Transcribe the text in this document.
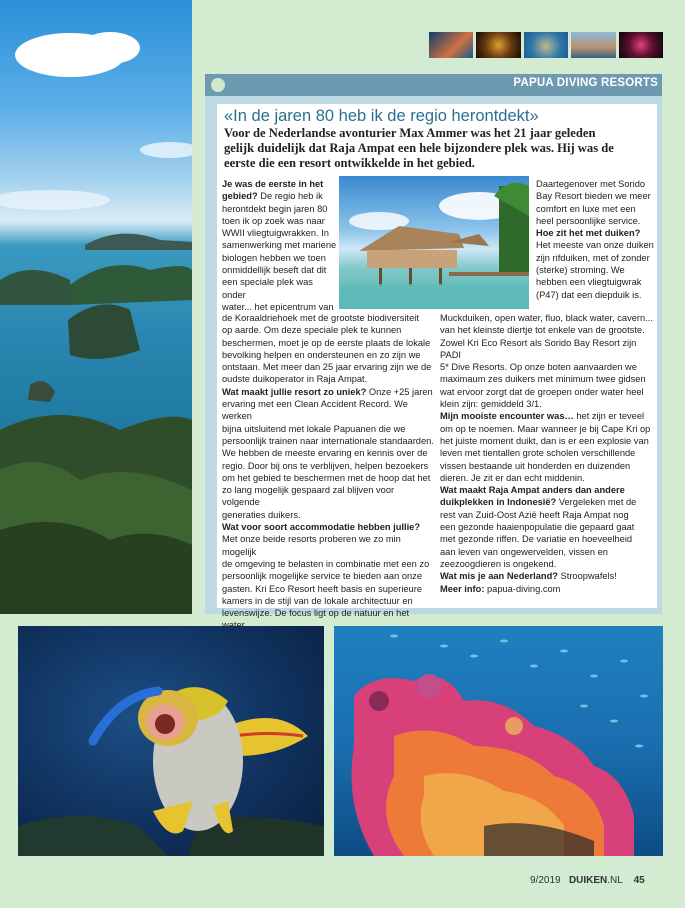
PAPUA DIVING RESORTS
«In de jaren 80 heb ik de regio herontdekt»
Voor de Nederlandse avonturier Max Ammer was het 21 jaar geleden
gelijk duidelijk dat Raja Ampat een hele bijzondere plek was. Hij was de
eerste die een resort ontwikkelde in het gebied.
Je was de eerste in het
gebied? De regio heb ik
herontdekt begin jaren 80
toen ik op zoek was naar
WWII vliegtuigwrakken. In
samenwerking met mariene
biologen hebben we toen
onmiddellijk beseft dat dit
een speciale plek was onder
water... het epicentrum van
de Koraaldriehoek met de grootste biodiversiteit
op aarde. Om deze speciale plek te kunnen
beschermen, moet je op de eerste plaats de lokale
bevolking helpen en ondersteunen en zo zijn we
ontstaan. Met meer dan 25 jaar ervaring zijn we de
oudste duikoperator in Raja Ampat.
Wat maakt jullie resort zo uniek? Onze +25 jaren
ervaring met een Clean Accident Record. We werken
bijna uitsluitend met lokale Papuanen die we
persoonlijk trainen naar internationale standaarden.
We hebben de meeste ervaring en kennis over de
regio. Door bij ons te verblijven, helpen bezoekers
om het gebied te beschermen met de hoop dat het
zo lang mogelijk gespaard zal blijven voor volgende
generaties duikers.
Wat voor soort accommodatie hebben jullie?
Met onze beide resorts proberen we zo min mogelijk
de omgeving te belasten in combinatie met een zo
persoonlijk mogelijke service te bieden aan onze
gasten. Kri Eco Resort heeft basis en superieure
kamers in de stijl van de lokale architectuur en
levenswijze. De focus ligt op de natuur en het
Daartegenover met Sorido
Bay Resort bieden we meer
comfort en luxe met een
heel persoonlijke service.
Hoe zit het met duiken?
Het meeste van onze duiken
zijn rifduiken, met of zonder
(sterke) stroming. We
hebben een vliegtuigwrak
(P47) dat een diepduik is.
Muckduiken, open water, fluo, black water, cavern...
van het kleinste diertje tot enkele van de grootste.
Zowel Kri Eco Resort als Sorido Bay Resort zijn PADI
5* Dive Resorts. Op onze boten aanvaarden we
maximaum zes duikers met minimum twee gidsen
wat ervoor zorgt dat de groepen onder water heel
klein zijn: gemiddeld 3/1.
Mijn mooiste encounter was… het zijn er teveel
om op te noemen. Maar wanneer je bij Cape Kri op
het juiste moment duikt, dan is er een explosie van
leven met tientallen grote scholen verschillende
vissen bestaande uit honderden en duizenden
dieren. Je zit er dan echt middenin.
Wat maakt Raja Ampat anders dan andere
duikplekken in Indonesië? Vergeleken met de
rest van Zuid-Oost Azië heeft Raja Ampat nog
een gezonde haaienpopulatie die gepaard gaat
met gezonde riffen. De variatie en hoeveelheid
aan leven van ongewervelden, vissen en
zeezoogdieren is ongekend.
Wat mis je aan Nederland? Stroopwafels!
Meer info: papua-diving.com
9/2019 DUIKEN.NL 45
